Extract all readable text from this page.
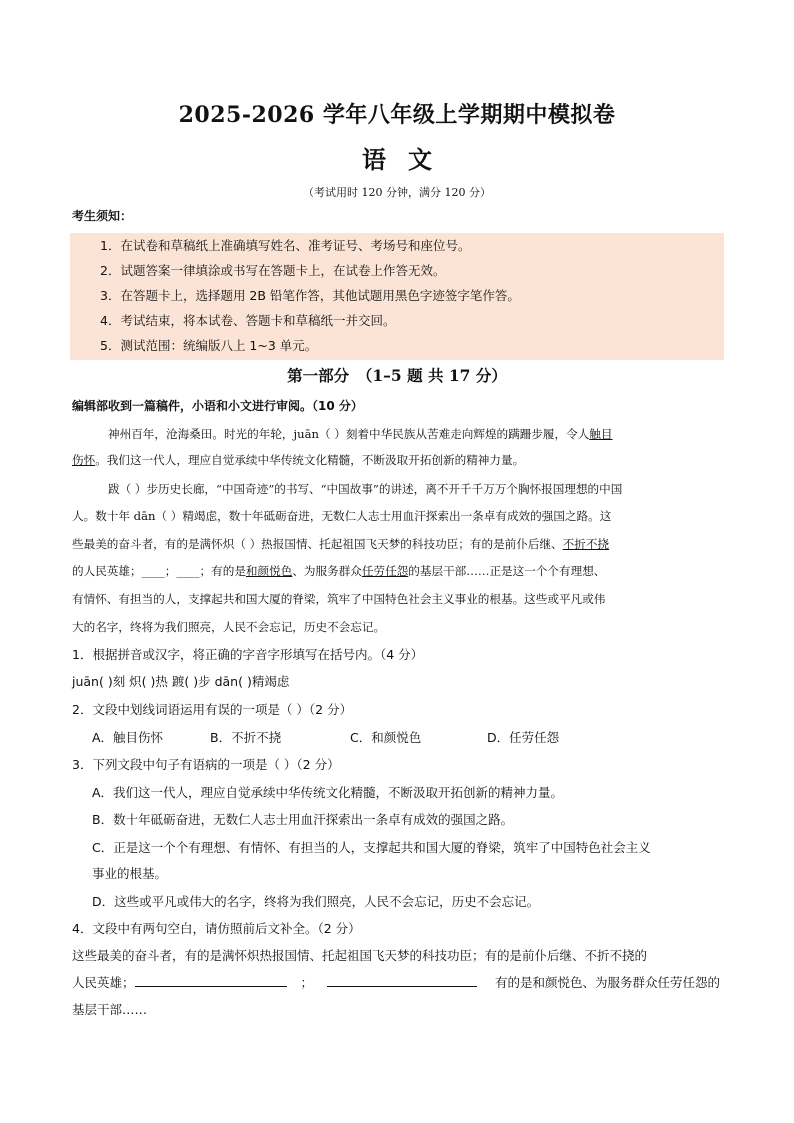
2025-2026 学年八年级上学期期中模拟卷
语文
（考试用时 120 分钟，满分 120 分）
考生须知：
1．在试卷和草稿纸上准确填写姓名、准考证号、考场号和座位号。
2．试题答案一律填涂或书写在答题卡上，在试卷上作答无效。
3．在答题卡上，选择题用 2B 铅笔作答，其他试题用黑色字迹签字笔作答。
4．考试结束，将本试卷、答题卡和草稿纸一并交回。
5．测试范围：统编版八上 1~3 单元。
第一部分　（1–5 题 共 17 分）
编辑部收到一篇稿件，小语和小文进行审阅。（10 分）
神州百年，沧海桑田。时光的年轮，juān（ ）刻着中华民族从苦难走向辉煌的蹒跚步履，令人触目
伤怀。我们这一代人，理应自觉承续中华传统文化精髓，不断汲取开拓创新的精神力量。
跋（ ）步历史长廊，“中国奇迹”的书写、“中国故事”的讲述，离不开千千万万个胸怀报国理想的中国
人。数十年 dān（ ）精竭虑，数十年砥砺奋进，无数仁人志士用血汗探索出一条卓有成效的强国之路。这
些最美的奋斗者，有的是满怀炽（ ）热报国情、托起祖国飞天梦的科技功臣；有的是前仆后继、不折不挠
的人民英雄；____；____；有的是和颜悦色、为服务群众任劳任怨的基层干部……正是这一个个有理想、
有情怀、有担当的人，支撑起共和国大厦的脊梁，筑牢了中国特色社会主义事业的根基。这些或平凡或伟
大的名字，终将为我们照亮，人民不会忘记，历史不会忘记。
1．根据拼音或汉字，将正确的字音字形填写在括号内。（4 分）
juān( )刻 炽( )热 踱( )步 dān( )精竭虑
2．文段中划线词语运用有误的一项是（ ）（2 分）
A．触目伤怀	B．不折不挠	C．和颜悦色	D．任劳任怨
3．下列文段中句子有语病的一项是（ ）（2 分）
A．我们这一代人，理应自觉承续中华传统文化精髓，不断汲取开拓创新的精神力量。
B．数十年砥砺奋进，无数仁人志士用血汗探索出一条卓有成效的强国之路。
C．正是这一个个有理想、有情怀、有担当的人，支撑起共和国大厦的脊梁，筑牢了中国特色社会主义
事业的根基。
D．这些或平凡或伟大的名字，终将为我们照亮，人民不会忘记，历史不会忘记。
4．文段中有两句空白，请仿照前后文补全。（2 分）
这些最美的奋斗者，有的是满怀炽热报国情、托起祖国飞天梦的科技功臣；有的是前仆后继、不折不挠的
人民英雄；	；	有的是和颜悦色、为服务群众任劳任怨的
基层干部……
